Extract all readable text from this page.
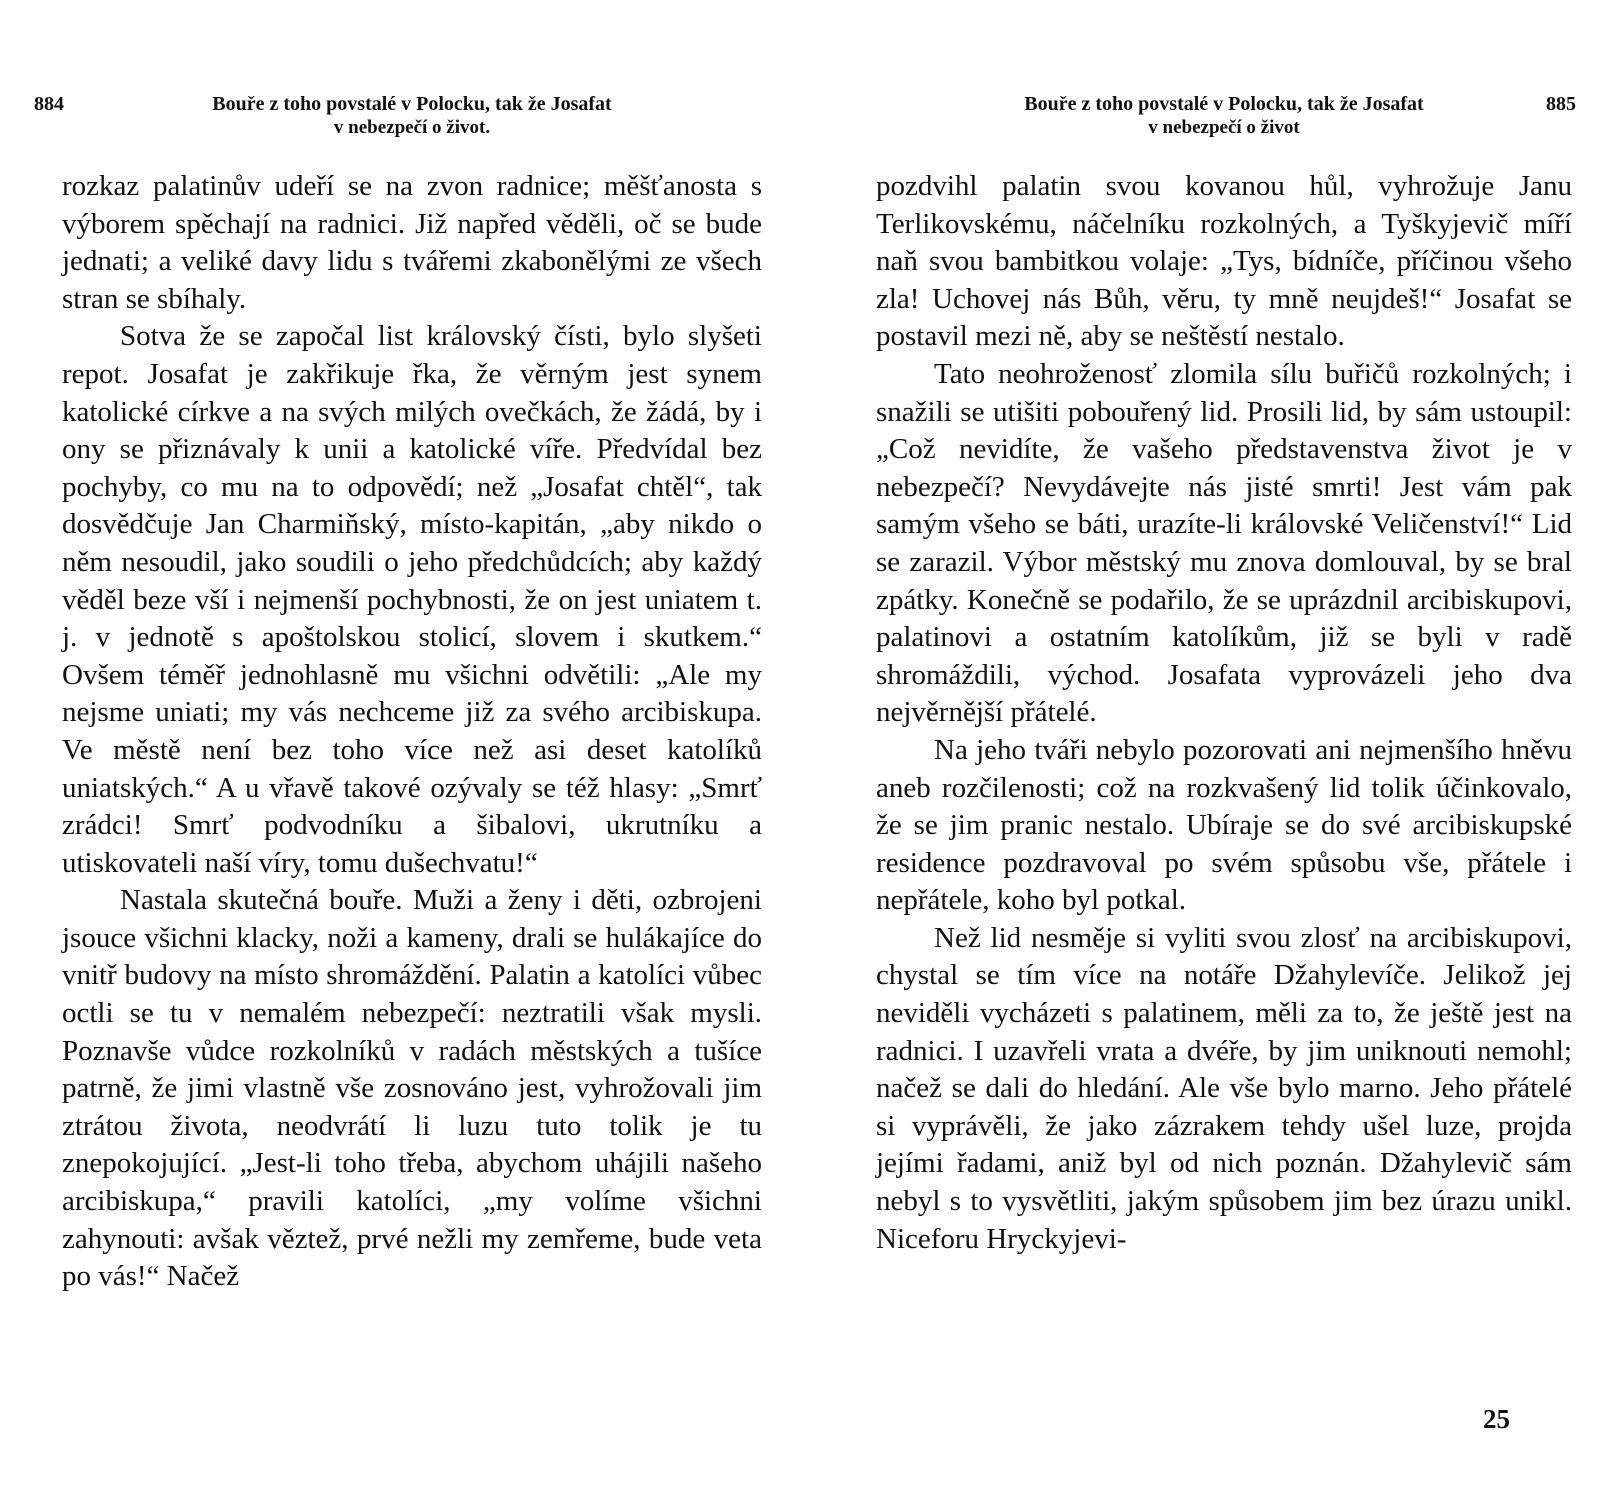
884	Bouře z toho povstalé v Polocku, tak že Josafat
v nebezpečí o život.

rozkaz palatinův udeří se na zvon radnice; měšťanosta s výborem spěchají na radnici. Již napřed věděli, oč se bude jednati; a veliké davy lidu s tvářemi zkaboněl‌ými ze všech stran se sbíhaly.

Sotva že se započal list královský čísti, bylo slyšeti repot. Josafat je zakřikuje řka, že věrným jest synem katolické církve a na svých milých ovečkách, že žádá, by i ony se přiznávaly k unii a katolické víře. Předvídal bez pochyby, co mu na to odpovědí; než „Josafat chtěl“, tak dosvědčuje Jan Charmiňský, místo-kapitán, „aby nikdo o něm nesoudil, jako soudili o jeho předchůdcích; aby každý věděl beze vší i nejmenší pochybnosti, že on jest uniatem t. j. v jednotě s apoštolskou stolicí, slovem i skutkem.“ Ovšem téměř jednohlasně mu všichni odvětili: „Ale my nejsme uniati; my vás nechceme již za svého arcibiskupa. Ve městě není bez toho více než asi deset katolíků uniatských.“ A u vřavě takové ozývaly se též hlasy: „Smrť zrádci! Smrť podvodníku a šibalovi, ukrutníku a utiskovateli naší víry, tomu dušechvatu!“

Nastala skutečná bouře. Muži a ženy i děti, ozbrojeni jsouce všichni klacky, noži a kameny, drali se hulákajíce do vnitř budovy na místo shromáždění. Palatin a katolíci vůbec octli se tu v nemalém nebezpečí: neztratili však mysli. Poznavše vůdce rozkolníků v radách městských a tušíce patrně, že jimi vlastně vše zosnováno jest, vyhrožovali jim ztrátou života, neodvrátí li luzu tuto tolik je tu znepokojující. „Jest-li toho třeba, abychom uhájili našeho arcibiskupa,“ pravili katolíci, „my volíme všichni zahynouti: avšak věztež, prvé nežli my zemřeme, bude veta po vás!“ Načež

885
Bouře z toho povstalé v Polocku, tak že Josafat
v nebezpečí o život

pozdvihl palatin svou kovanou hůl, vyhrožuje Janu Terlikovskému, náčelníku rozkolných, a Tyškyjevič míří naň svou bambitkou volaje: „Tys, bídníče, příčinou všeho zla! Uchovej nás Bůh, věru, ty mně neujdeš!“ Josafat se postavil mezi ně, aby se neštěstí nestalo.

Tato neohroženosť zlomila sílu buřičů rozkolných; i snažili se utišiti pobouřený lid. Prosili lid, by sám ustoupil: „Což nevidíte, že vašeho představenstva život je v nebezpečí? Nevydávejte nás jisté smrti! Jest vám pak samým všeho se báti, urazíte-li královské Veličenství!“ Lid se zarazil. Výbor městský mu znova domlouval, by se bral zpátky. Konečně se podařilo, že se uprázdnil arcibiskupovi, palatinovi a ostatním katolíkům, již se byli v radě shromáždili, východ. Josafata vyprovázeli jeho dva nejvěrnější přátelé.

Na jeho tváři nebylo pozorovati ani nejmenšího hněvu aneb rozčilenosti; což na rozkvašený lid tolik účinkovalo, že se jim pranic nestalo. Ubíraje se do své arcibiskupské residence pozdravoval po svém spůsobu vše, přátele i nepřátele, koho byl potkal.

Než lid nesměje si vyliti svou zlosť na arcibiskupovi, chystal se tím více na notáře Džahylevíče. Jelikož jej neviděli vycházeti s palatinem, měli za to, že ještě jest na radnici. I uzavřeli vrata a dvéře, by jim uniknouti nemohl; načež se dali do hledání. Ale vše bylo marno. Jeho přátelé si vyprávěli, že jako zázrakem tehdy ušel luze, projda jejími řadami, aniž byl od nich poznán. Džahylevič sám nebyl s to vysvětliti, jakým spůsobem jim bez úrazu unikl. Niceforu Hryckyjevi-

25
